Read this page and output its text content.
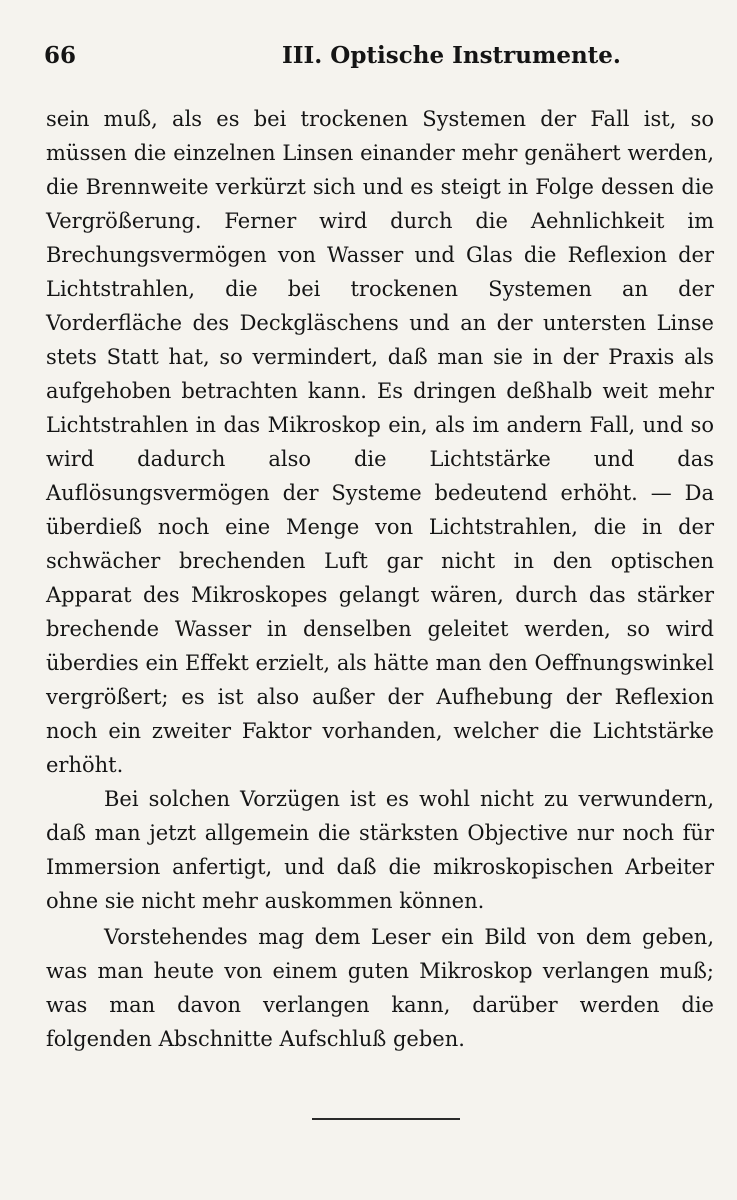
66	III. Optische Instrumente.

sein muß, als es bei trockenen Systemen der Fall ist, so müssen die einzelnen Linsen einander mehr genähert werden, die Brennweite verkürzt sich und es steigt in Folge dessen die Vergrößerung. Ferner wird durch die Aehnlichkeit im Brechungsvermögen von Wasser und Glas die Reflexion der Lichtstrahlen, die bei trockenen Systemen an der Vorderfläche des Deckgläschens und an der untersten Linse stets Statt hat, so vermindert, daß man sie in der Praxis als aufgehoben betrachten kann. Es dringen deßhalb weit mehr Lichtstrahlen in das Mikroskop ein, als im andern Fall, und so wird dadurch also die Lichtstärke und das Auflösungsvermögen der Systeme bedeutend erhöht. — Da überdieß noch eine Menge von Lichtstrahlen, die in der schwächer brechenden Luft gar nicht in den optischen Apparat des Mikroskopes gelangt wären, durch das stärker brechende Wasser in denselben geleitet werden, so wird überdies ein Effekt erzielt, als hätte man den Oeffnungswinkel vergrößert; es ist also außer der Aufhebung der Reflexion noch ein zweiter Faktor vorhanden, welcher die Lichtstärke erhöht.

Bei solchen Vorzügen ist es wohl nicht zu verwundern, daß man jetzt allgemein die stärksten Objective nur noch für Immersion anfertigt, und daß die mikroskopischen Arbeiter ohne sie nicht mehr auskommen können.

Vorstehendes mag dem Leser ein Bild von dem geben, was man heute von einem guten Mikroskop verlangen muß; was man davon verlangen kann, darüber werden die folgenden Abschnitte Aufschluß geben.
